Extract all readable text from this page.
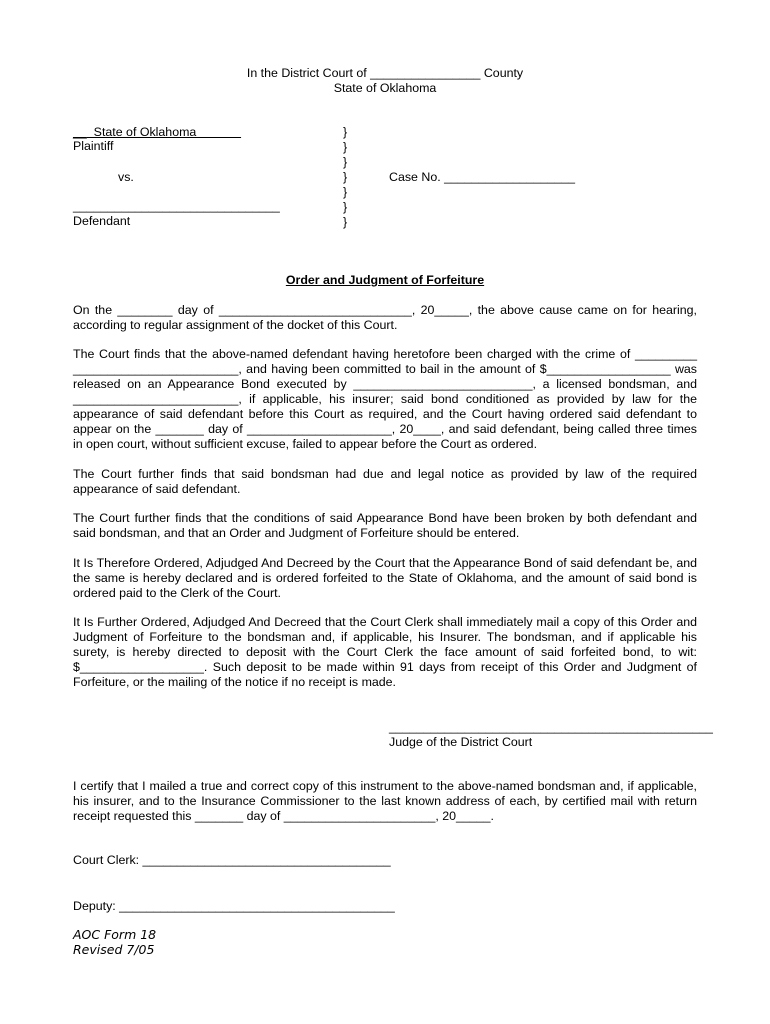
In the District Court of ________________ County
State of Oklahoma
__  State of Oklahoma
Plaintiff
vs.
______________________________
Defendant
}
}
}
}
}
}
}
Case No. ___________________
Order and Judgment of Forfeiture
On the ________ day of ____________________________, 20_____, the above cause came on for hearing, according to regular assignment of the docket of this Court.
The Court finds that the above-named defendant having heretofore been charged with the crime of _________ ________________________, and having been committed to bail in the amount of $__________________ was released on an Appearance Bond executed by __________________________, a licensed bondsman, and ________________________, if applicable, his insurer; said bond conditioned as provided by law for the appearance of said defendant before this Court as required, and the Court having ordered said defendant to appear on the _______ day of _____________________, 20____, and said defendant, being called three times in open court, without sufficient excuse, failed to appear before the Court as ordered.
The Court further finds that said bondsman had due and legal notice as provided by law of the required appearance of said defendant.
The Court further finds that the conditions of said Appearance Bond have been broken by both defendant and said bondsman, and that an Order and Judgment of Forfeiture should be entered.
It Is Therefore Ordered, Adjudged And Decreed by the Court that the Appearance Bond of said defendant be, and the same is hereby declared and is ordered forfeited to the State of Oklahoma, and the amount of said bond is ordered paid to the Clerk of the Court.
It Is Further Ordered, Adjudged And Decreed that the Court Clerk shall immediately mail a copy of this Order and Judgment of Forfeiture to the bondsman and, if applicable, his Insurer. The bondsman, and if applicable his surety, is hereby directed to deposit with the Court Clerk the face amount of said forfeited bond, to wit: $__________________. Such deposit to be made within 91 days from receipt of this Order and Judgment of Forfeiture, or the mailing of the notice if no receipt is made.
_______________________________________________
Judge of the District Court
I certify that I mailed a true and correct copy of this instrument to the above-named bondsman and, if applicable, his insurer, and to the Insurance Commissioner to the last known address of each, by certified mail with return receipt requested this _______ day of ______________________, 20_____.
Court Clerk: ____________________________________
Deputy: ________________________________________
AOC Form 18
Revised 7/05
